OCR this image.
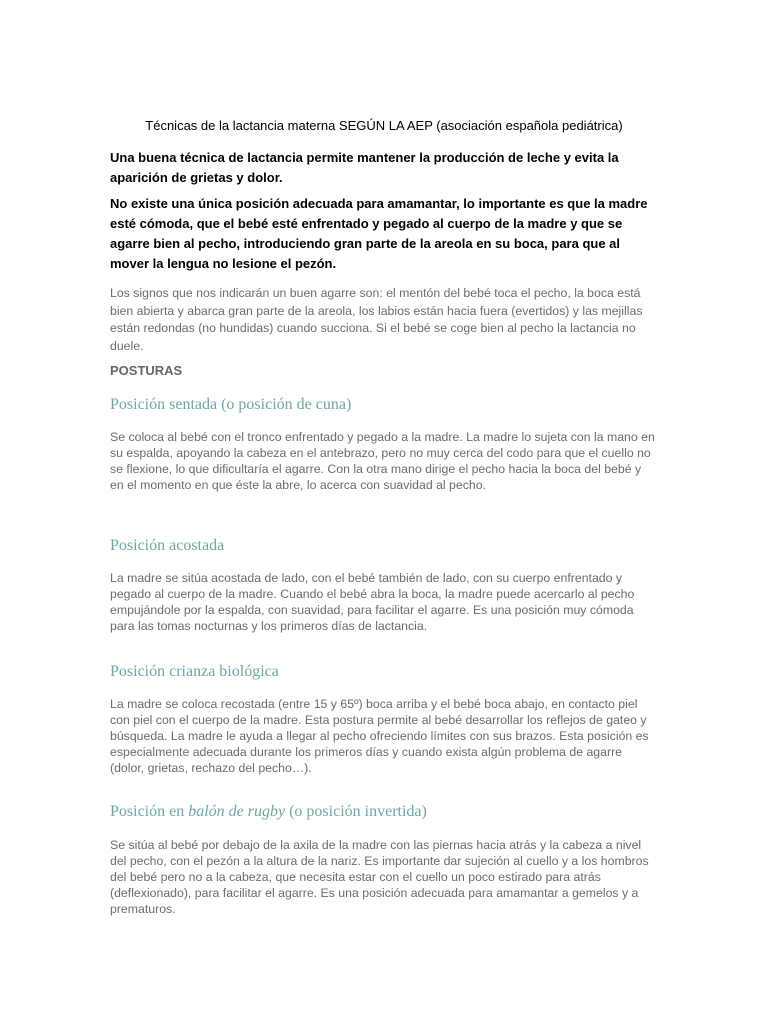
Técnicas de la lactancia materna SEGÚN LA AEP (asociación española pediátrica)

Una buena técnica de lactancia permite mantener la producción de leche y evita la aparición de grietas y dolor.

No existe una única posición adecuada para amamantar, lo importante es que la madre esté cómoda, que el bebé esté enfrentado y pegado al cuerpo de la madre y que se agarre bien al pecho, introduciendo gran parte de la areola en su boca, para que al mover la lengua no lesione el pezón.

Los signos que nos indicarán un buen agarre son: el mentón del bebé toca el pecho, la boca está bien abierta y abarca gran parte de la areola, los labios están hacia fuera (evertidos) y las mejillas están redondas (no hundidas) cuando succiona. Si el bebé se coge bien al pecho la lactancia no duele.

POSTURAS

Posición sentada (o posición de cuna)

Se coloca al bebé con el tronco enfrentado y pegado a la madre. La madre lo sujeta con la mano en su espalda, apoyando la cabeza en el antebrazo, pero no muy cerca del codo para que el cuello no se flexione, lo que dificultaría el agarre. Con la otra mano dirige el pecho hacia la boca del bebé y en el momento en que éste la abre, lo acerca con suavidad al pecho.

Posición acostada

La madre se sitúa acostada de lado, con el bebé también de lado, con su cuerpo enfrentado y pegado al cuerpo de la madre. Cuando el bebé abra la boca, la madre puede acercarlo al pecho empujándole por la espalda, con suavidad, para facilitar el agarre. Es una posición muy cómoda para las tomas nocturnas y los primeros días de lactancia.

Posición crianza biológica

La madre se coloca recostada (entre 15 y 65º) boca arriba y el bebé boca abajo, en contacto piel con piel con el cuerpo de la madre. Esta postura permite al bebé desarrollar los reflejos de gateo y búsqueda. La madre le ayuda a llegar al pecho ofreciendo límites con sus brazos. Esta posición es especialmente adecuada durante los primeros días y cuando exista algún problema de agarre (dolor, grietas, rechazo del pecho…).

Posición en balón de rugby (o posición invertida)

Se sitúa al bebé por debajo de la axila de la madre con las piernas hacia atrás y la cabeza a nivel del pecho, con el pezón a la altura de la nariz. Es importante dar sujeción al cuello y a los hombros del bebé pero no a la cabeza, que necesita estar con el cuello un poco estirado para atrás (deflexionado), para facilitar el agarre. Es una posición adecuada para amamantar a gemelos y a prematuros.
